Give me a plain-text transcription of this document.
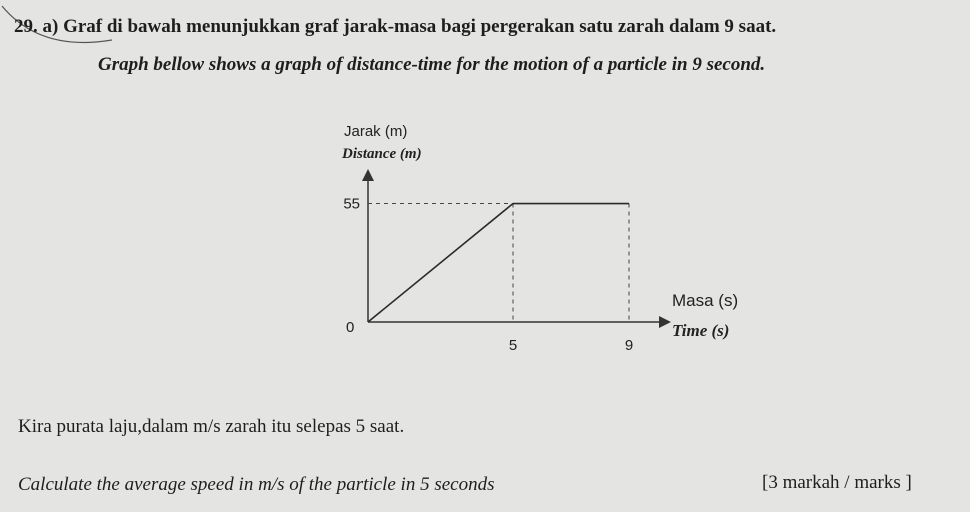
29. a) Graf di bawah menunjukkan graf jarak-masa bagi pergerakan satu zarah dalam 9 saat.
Graph bellow shows a graph of distance-time for the motion of a particle in 9 second.
Jarak (m)
Distance (m)
0
55
5	9
Masa (s)
Time (s)
Kira purata laju,dalam m/s zarah itu selepas 5 saat.
Calculate the average speed in m/s of the particle in 5 seconds	[3 markah / marks ]
